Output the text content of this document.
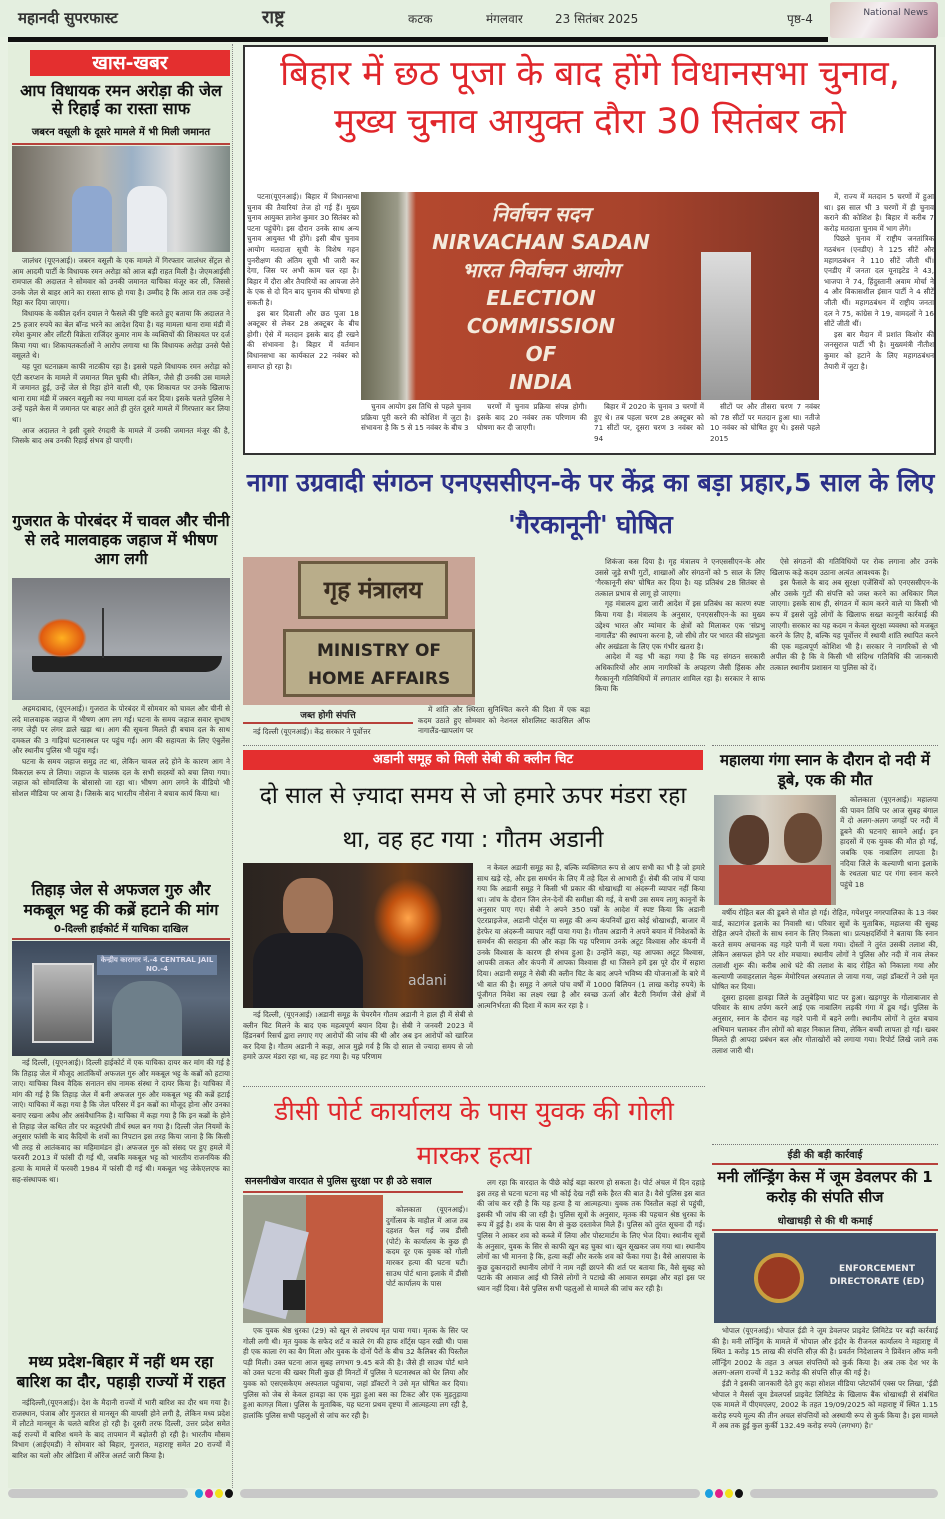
महानदी सुपरफास्ट	राष्ट्र	कटक	मंगलवार	23 सितंबर 2025	पृष्ठ-4	National News
खास-खबर
आप विधायक रमन अरोड़ा की जेल से रिहाई का रास्ता साफ
जबरन वसूली के दूसरे मामले में भी मिली जमानत

जालंधर (यूएनआई)। जबरन वसूली के एक मामले में गिरफ्तार जालंधर सेंट्रल से आम आदमी पार्टी के विधायक रमन अरोड़ा को आज बड़ी राहत मिली है। जेएमआईसी रामपाल की अदालत ने सोमवार को उनकी जमानत याचिका मंजूर कर ली, जिससे उनके जेल से बाहर आने का रास्ता साफ हो गया है। उम्मीद है कि आज रात तक उन्हें रिहा कर दिया जाएगा।

विधायक के वकील दर्शन दयाल ने फैसले की पुष्टि करते हुए बताया कि अदालत ने 25 हजार रुपये का बेल बॉन्ड भरने का आदेश दिया है। यह मामला थाना रामा मंडी में रमेश कुमार और लॉटरी विक्रेता राजिंदर कुमार नाम के व्यक्तियों की शिकायत पर दर्ज किया गया था। शिकायतकर्ताओं ने आरोप लगाया था कि विधायक अरोड़ा उनसे पैसे वसूलते थे।

यह पूरा घटनाक्रम काफी नाटकीय रहा है। इससे पहले विधायक रमन अरोड़ा को एंटी करप्शन के मामले में जमानत मिल चुकी थी। लेकिन, जैसे ही उनकी उस मामले में जमानत हुई, उन्हें जेल से रिहा होने वाली थी, एक शिकायत पर उनके खिलाफ थाना रामा मंडी में जबरन वसूली का नया मामला दर्ज कर दिया। इसके चलते पुलिस ने उन्हें पहले केस में जमानत पर बाहर आते ही तुरंत दूसरे मामले में गिरफ्तार कर लिया था।

आज अदालत ने इसी दूसरे रंगदारी के मामले में उनकी जमानत मंजूर की है, जिसके बाद अब उनकी रिहाई संभव हो पाएगी।

गुजरात के पोरबंदर में चावल और चीनी से लदे मालवाहक जहाज में भीषण आग लगी

अहमदाबाद, (यूएनआई)। गुजरात के पोरबंदर में सोमवार को चावल और चीनी से लदे मालवाहक जहाज में भीषण आग लग गई। घटना के समय जहाज सवार सुभाष नगर जेट्टी पर लंगर डाले खड़ा था। आग की सूचना मिलते ही बचाव दल के साथ दमकल की 3 गाड़ियां घटनास्थल पर पहुंच गईं। आग की सहायता के लिए एंबुलेंस और स्थानीय पुलिस भी पहुंच गई।

घटना के समय जहाज समुद्र तट था, लेकिन चावल लदे होने के कारण आग ने विकराल रूप ले लिया। जहाज के चालक दल के सभी सदस्यों को बचा लिया गया। जहाज को सोमालिया के बोसासो जा रहा था। भीषण आग लगने के वीडियो भी सोशल मीडिया पर आया है। जिसके बाद भारतीय नौसेना ने बचाव कार्य किया था।

तिहाड़ जेल से अफजल गुरु और मकबूल भट्ट की कब्रें हटाने की मांग
0-दिल्ली हाईकोर्ट में याचिका दाखिल
केन्द्रीय कारागार नं.-4 CENTRAL JAIL NO.-4

नई दिल्ली, (यूएनआई)। दिल्ली हाईकोर्ट में एक याचिका दायर कर मांग की गई है कि तिहाड़ जेल में मौजूद आतंकियों अफजल गुरु और मकबूल भट्ट के कब्रों को हटाया जाए। याचिका विश्व वैदिक सनातन संघ नामक संस्था ने दायर किया है। याचिका में मांग की गई है कि तिहाड़ जेल में बनी अफजल गुरु और मकबूल भट्ट की कब्रें हटाई जाएं। याचिका में कहा गया है कि जेल परिसर में इन कब्रों का मौजूद होना और उनका बनाए रखना अवैध और असंवैधानिक है। याचिका में कहा गया है कि इन कब्रों के होने से तिहाड़ जेल कथित तौर पर कट्टरपंथी तीर्थ स्थल बन गया है। दिल्ली जेल नियमों के अनुसार फांसी के बाद कैदियों के शवों का निपटान इस तरह किया जाना है कि किसी भी तरह से आतंकवाद का महिमामंडन हो। अफजल गुरु को संसद पर हुए हमले में फरवरी 2013 में फांसी दी गई थी, जबकि मकबूल भट्ट को भारतीय राजनयिक की हत्या के मामले में फरवरी 1984 में फांसी दी गई थी। मकबूल भट्ट जेकेएलएफ का सह-संस्थापक था।

मध्य प्रदेश-बिहार में नहीं थम रहा बारिश का दौर, पहाड़ी राज्यों में राहत

नईदिल्ली,(यूएनआई)। देश के मैदानी राज्यों में भारी बारिश का दौर थम गया है। राजस्थान, पंजाब और गुजरात से मानसून की वापसी होने लगी है, लेकिन मध्य प्रदेश में लौटते मानसून के चलते बारिश हो रही है। दूसरी तरफ दिल्ली, उत्तर प्रदेश समेत कई राज्यों में बारिश थमने के बाद तापमान में बढ़ोतरी हो रही है। भारतीय मौसम विभाग (आईएमडी) ने सोमवार को बिहार, गुजरात, महाराष्ट्र समेत 20 राज्यों में बारिश का यलो और ओडिशा में ऑरेंज अलर्ट जारी किया है।

बिहार में छठ पूजा के बाद होंगे विधानसभा चुनाव, मुख्य चुनाव आयुक्त दौरा 30 सितंबर को

पटना(यूएनआई)। बिहार में विधानसभा चुनाव की तैयारियां तेज हो गई हैं। मुख्य चुनाव आयुक्त ज्ञानेश कुमार 30 सितंबर को पटना पहुंचेंगे। इस दौरान उनके साथ अन्य चुनाव आयुक्त भी होंगे। इसी बीच चुनाव आयोग मतदाता सूची के विशेष गहन पुनरीक्षण की अंतिम सूची भी जारी कर देगा, जिस पर अभी काम चल रहा है। बिहार में दौरा और तैयारियों का आयजा लेने के एक से दो दिन बाद चुनाव की घोषणा हो सकती है।

इस बार दिवाली और छठ पूजा 18 अक्टूबर से लेकर 28 अक्टूबर के बीच होगी। ऐसे में मतदान इसके बाद ही रखने की संभावना है। बिहार में वर्तमान विधानसभा का कार्यकाल 22 नवंबर को समाप्त हो रहा है।

निर्वाचन सदन
NIRVACHAN SADAN
भारत निर्वाचन आयोग
ELECTION COMMISSION
OF
INDIA

चुनाव आयोग इस तिथि से पहले चुनाव प्रक्रिया पूरी करने की कोशिश में जुटा है। संभावना है कि 5 से 15 नवंबर के बीच 3

चरणों में चुनाव प्रक्रिया संपन्न होगी। इसके बाद 20 नवंबर तक परिणाम की घोषणा कर दी जाएगी।

बिहार में 2020 के चुनाव 3 चरणों में हुए थे। तब पहला चरण 28 अक्टूबर को 71 सीटों पर, दूसरा चरण 3 नवंबर को 94

सीटों पर और तीसरा चरण 7 नवंबर को 78 सीटों पर मतदान हुआ था। नतीजे 10 नवंबर को घोषित हुए थे। इससे पहले 2015

में, राज्य में मतदान 5 चरणों में हुआ था। इस साल भी 3 चरणों में ही चुनाव कराने की कोशिश है। बिहार में करीब 7 करोड़ मतदाता चुनाव में भाग लेंगे।

पिछले चुनाव में राष्ट्रीय जनतांत्रिक गठबंधन (एनडीए) ने 125 सीटें और महागठबंधन ने 110 सीटें जीती थीं। एनडीए में जनता दल यूनाइटेड ने 43, भाजपा ने 74, हिंदुस्तानी अवाम मोर्चा ने 4 और विकासशील इंसान पार्टी ने 4 सीटें जीती थीं। महागठबंधन में राष्ट्रीय जनता दल ने 75, कांग्रेस ने 19, वामदलों ने 16 सीटें जीती थीं।

इस बार मैदान में प्रशांत किशोर की जनसुराज पार्टी भी है। मुख्यमंत्री नीतीश कुमार को हटाने के लिए महागठबंधन तैयारी में जुटा है।

नागा उग्रवादी संगठन एनएससीएन-के पर केंद्र का बड़ा प्रहार,5 साल के लिए 'गैरकानूनी' घोषित
गृह मंत्रालय
MINISTRY OF
HOME AFFAIRS
जब्त होगी संपत्ति

नई दिल्ली (यूएनआई)। केंद्र सरकार ने पूर्वोत्तर

में शांति और स्थिरता सुनिश्चित करने की दिशा में एक बड़ा कदम उठाते हुए सोमवार को नेशनल सोशलिस्ट काउंसिल ऑफ नागालैंड-खापलांग पर

शिकंजा कस दिया है। गृह मंत्रालय ने एनएससीएन-के और उससे जुड़े सभी गुटों, शाखाओं और संगठनों को 5 साल के लिए 'गैरकानूनी संघ' घोषित कर दिया है। यह प्रतिबंध 28 सितंबर से तत्काल प्रभाव से लागू हो जाएगा।

गृह मंत्रालय द्वारा जारी आदेश में इस प्रतिबंध का कारण स्पष्ट किया गया है। मंत्रालय के अनुसार, एनएससीएन-के का मुख्य उद्देश्य भारत और म्यांमार के क्षेत्रों को मिलाकर एक 'संप्रभु नागालैंड' की स्थापना करना है, जो सीधे तौर पर भारत की संप्रभुता और अखंडता के लिए एक गंभीर खतरा है।

आदेश में यह भी कहा गया है कि यह संगठन सरकारी अधिकारियों और आम नागरिकों के अपहरण जैसी हिंसक और गैरकानूनी गतिविधियों में लगातार शामिल रहा है। सरकार ने साफ किया कि

ऐसे संगठनों की गतिविधियों पर रोक लगाना और उनके खिलाफ कड़े कदम उठाना अत्यंत आवश्यक है।

इस फैसले के बाद अब सुरक्षा एजेंसियों को एनएससीएन-के और उसके गुटों की संपत्ति को जब्त करने का अधिकार मिल जाएगा। इसके साथ ही, संगठन में काम करने वाले या किसी भी रूप में इससे जुड़े लोगों के खिलाफ सख्त कानूनी कार्रवाई की जाएगी। सरकार का यह कदम न केवल सुरक्षा व्यवस्था को मजबूत करने के लिए है, बल्कि यह पूर्वोत्तर में स्थायी शांति स्थापित करने की एक महत्वपूर्ण कोशिश भी है। सरकार ने नागरिकों से भी अपील की है कि वे किसी भी संदिग्ध गतिविधि की जानकारी तत्काल स्थानीय प्रशासन या पुलिस को दें।

अडानी समूह को मिली सेबी की क्लीन चिट
दो साल से ज़्यादा समय से जो हमारे ऊपर मंडरा रहा था, वह हट गया : गौतम अडानी
adani

नई दिल्ली, (यूएनआई) ।अडानी समूह के चेयरमैन गौतम अडानी ने हाल ही में सेबी से क्लीन चिट मिलने के बाद एक महत्वपूर्ण बयान दिया है। सेबी ने जनवरी 2023 में हिंडनबर्ग रिसर्च द्वारा लगाए गए आरोपों की जांच की थी और अब इन आरोपों को खारिज कर दिया है। गौतम अडानी ने कहा, आज मुझे गर्व है कि दो साल से ज्यादा समय से जो हमारे ऊपर मंडरा रहा था, वह हट गया है। यह परिणाम

न केवल अडानी समूह का है, बल्कि व्यक्तिगत रूप से आप सभी का भी है जो हमारे साथ खड़े रहे, और इस समर्थन के लिए मैं तहे दिल से आभारी हूँ। सेबी की जांच में पाया गया कि अडानी समूह ने किसी भी प्रकार की धोखाधड़ी या अंदरूनी व्यापार नहीं किया था। जांच के दौरान जिन लेन-देनों की समीक्षा की गई, वे सभी उस समय लागू कानूनों के अनुसार पाए गए। सेबी ने अपने 350 पन्नों के आदेश में स्पष्ट किया कि अडानी एंटरप्राइजेज, अडानी पोर्ट्स या समूह की अन्य कंपनियों द्वारा कोई धोखाधड़ी, बाजार में हेरफेर या अंदरूनी व्यापार नहीं पाया गया है। गौतम अडानी ने अपने बयान में निवेशकों के समर्थन की सराहना की और कहा कि यह परिणाम उनके अटूट विश्वास और कंपनी में उनके विश्वास के कारण ही संभव हुआ है। उन्होंने कहा, यह आपका अटूट विश्वास, आपकी ताकत और कंपनी में आपका विश्वास ही था जिसने हमें इस पूरे दौर में सहारा दिया। अडानी समूह ने सेबी की क्लीन चिट के बाद अपने भविष्य की योजनाओं के बारे में भी बात की है। समूह ने अगले पांच वर्षों में 1000 बिलियन (1 लाख करोड़ रुपये) के पूंजीगत निवेश का लक्ष्य रखा है और स्वच्छ ऊर्जा और बैटरी निर्माण जैसे क्षेत्रों में आत्मनिर्भरता की दिशा में काम कर रहा है ।

महालया गंगा स्नान के दौरान दो नदी में डूबे, एक की मौत

कोलकाता (यूएनआई)। महालया की पावन तिथि पर आज सुबह बंगाल में दो अलग-अलग जगहों पर नदी में डूबने की घटनाएं सामने आई। इन हादसों में एक युवक की मौत हो गई, जबकि एक नाबालिग लापता है। नदिया जिले के कल्याणी थाना इलाके के रथतला घाट पर गंगा स्नान करने पहुंचे 18

वर्षीय रोहित बल की डूबने से मौत हो गई। रोहित, गयेशपुर नगरपालिका के 13 नंबर वार्ड, काटागंज इलाके का निवासी था। परिवार सूत्रों के मुताबिक, महालया की सुबह रोहित अपने दोस्तों के साथ स्नान के लिए निकला था। प्रत्यक्षदर्शियों ने बताया कि स्नान करते समय अचानक वह गहरे पानी में चला गया। दोस्तों ने तुरंत उसकी तलाश की, लेकिन असफल होने पर शोर मचाया। स्थानीय लोगों ने पुलिस और नदी में नाव लेकर तलाशी शुरू की। करीब आधे घंटे की तलाश के बाद रोहित को निकाला गया और कल्याणी जवाहरलाल नेहरू मेमोरियल अस्पताल ले जाया गया, जहां डॉक्टरों ने उसे मृत घोषित कर दिया।

दूसरा हादसा हावड़ा जिले के उलुबेड़िया घाट पर हुआ। खड़गपुर के गोलाबाजार से परिवार के साथ तर्पण करने आई एक नाबालिग लड़की गंगा में डूब गई। पुलिस के अनुसार, स्नान के दौरान वह गहरे पानी में बहने लगी। स्थानीय लोगों ने तुरंत बचाव अभियान चलाकर तीन लोगों को बाहर निकाल लिया, लेकिन बच्ची लापता हो गई। खबर मिलते ही आपदा प्रबंधन बल और गोताखोरों को लगाया गया। रिपोर्ट लिखे जाने तक तलाश जारी थी।

डीसी पोर्ट कार्यालय के पास युवक की गोली मारकर हत्या
सनसनीखेज वारदात से पुलिस सुरक्षा पर ही उठे सवाल

कोलकाता (यूएनआई)। दुर्गोत्सव के माहौल में आज तब दहशत फैल गई जब डीसी (पोर्ट) के कार्यालय के कुछ ही कदम दूर एक युवक को गोली मारकर हत्या की घटना घटी। साउथ पोर्ट थाना इलाके में डीसी पोर्ट कार्यालय के पास

एक युवक श्रेष्ठ धुरका (29) को खून से लथपथ मृत पाया गया। मृतक के सिर पर गोली लगी थी। मृत युवक के सफेद शर्ट व काले रंग की हाफ शॉर्ट्स पहन रखी थी। पास ही एक काला रंग का बैग मिला और युवक के दोनों पैरों के बीच 32 कैलिबर की पिस्तौल पड़ी मिली। उक्त घटना आज सुबह लगभग 9.45 बजे की है। जैसे ही साउथ पोर्ट थाने को उक्त घटना की खबर मिली कुछ ही मिनटों में पुलिस ने घटनास्थल को घेर लिया और युवक को एसएसकेएम अस्पताल पहुंचाया, जहां डॉक्टरों ने उसे मृत घोषित कर दिया। पुलिस को जेब से केवल हावड़ा का एक मुड़ा हुआ बस का टिकट और एक मुड़तुड़ाया हुआ कागज़ मिला। पुलिस के मुताबिक, यह घटना प्रथम दृष्टया में आत्महत्या लग रही है, हालांकि पुलिस सभी पहलुओं से जांच कर रही है।

लग रहा कि वारदात के पीछे कोई बड़ा कारण हो सकता है। पोर्ट अंचल में दिन दहाड़े इस तरह से घटना घटना वह भी कोई देख नहीं सके हैरत की बात है। वैसे पुलिस इस बात की जांच कर रही है कि यह हत्या है या आत्महत्या। युवक तक पिस्तौल कहां से पहुंची, इसकी भी जांच की जा रही है। पुलिस सूत्रों के अनुसार, मृतक की पहचान श्रेष्ठ धुरका के रूप में हुई है। शव के पास बैग से कुछ दस्तावेज मिले हैं। पुलिस को तुरंत सूचना दी गई। पुलिस ने आकर शव को कब्जे में लिया और पोस्टमार्टम के लिए भेज दिया। स्थानीय सूत्रों के अनुसार, युवक के सिर से काफी खून बह चुका था। खून सूखकर जम गया था। स्थानीय लोगों का भी मानना है कि, हत्या कहीं और करके शव को फेंका गया है। वैसे आसपास के कुछ दुकानदारों स्थानीय लोगों ने नाम नहीं छापने की शर्त पर बताया कि, वैसे सुबह को पटाके की आवाज आई थी जिसे लोगों ने पटाखे की आवाज समझा और वहां इस पर ध्यान नहीं दिया। वैसे पुलिस सभी पहलुओं से मामले की जांच कर रही है।

ईडी की बड़ी कार्रवाई
मनी लॉन्ड्रिंग केस में जूम डेवलपर की 1 करोड़ की संपति सीज
धोखाधड़ी से की थी कमाई
ENFORCEMENT DIRECTORATE (ED)

भोपाल (यूएनआई)। भोपाल ईडी ने जूम डेवलपर प्राइवेट लिमिटेड पर बड़ी कार्रवाई की है। मनी लॉन्ड्रिंग के मामले में भोपाल और इंदौर के रीजनल कार्यालय ने महाराष्ट्र में स्थित 1 करोड़ 15 लाख की संपत्ति सीज़ की है। प्रवर्तन निदेशालय ने प्रिवेंशन ऑफ मनी लॉन्ड्रिंग 2002 के तहत 3 अचल संपत्तियों को कुर्क किया है। अब तक देश भर के अलग-अलग राज्यों में 132 करोड़ की संपत्ति सीज़ की गई है।

ईडी ने इसकी जानकारी देते हुए कहा सोशल मीडिया प्लेटफॉर्म एक्स पर लिखा, 'ईडी भोपाल ने मैसर्स जूम डेवलपर्स प्राइवेट लिमिटेड के खिलाफ बैंक धोखाधड़ी से संबंधित एक मामले में पीएमएलए, 2002 के तहत 19/09/2025 को महाराष्ट्र में स्थित 1.15 करोड़ रुपये मूल्य की तीन अचल संपत्तियों को अस्थायी रूप से कुर्क किया है। इस मामले में अब तक हुई कुल कुर्की 132.49 करोड़ रुपये (लगभग) है।'
